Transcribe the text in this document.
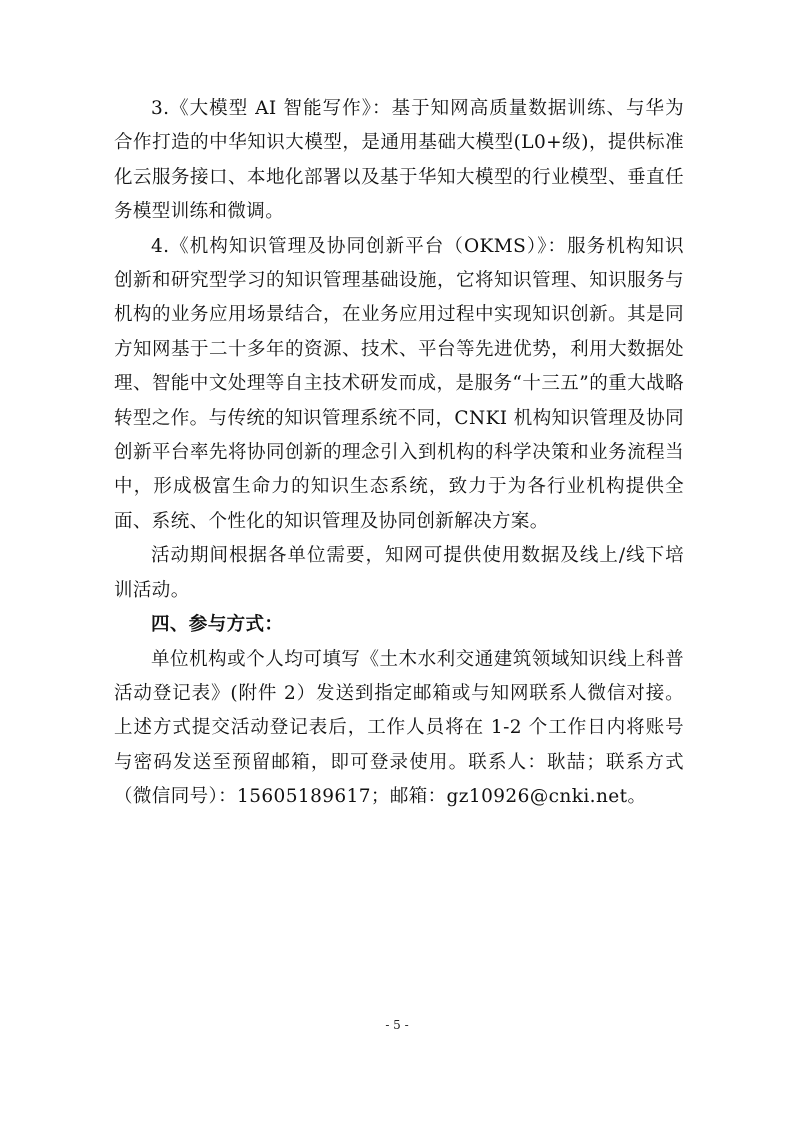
3.《大模型 AI 智能写作》：基于知网高质量数据训练、与华为合作打造的中华知识大模型，是通用基础大模型(L0+级)，提供标准化云服务接口、本地化部署以及基于华知大模型的行业模型、垂直任务模型训练和微调。

4.《机构知识管理及协同创新平台（OKMS）》：服务机构知识创新和研究型学习的知识管理基础设施，它将知识管理、知识服务与机构的业务应用场景结合，在业务应用过程中实现知识创新。其是同方知网基于二十多年的资源、技术、平台等先进优势，利用大数据处理、智能中文处理等自主技术研发而成，是服务“十三五”的重大战略转型之作。与传统的知识管理系统不同，CNKI 机构知识管理及协同创新平台率先将协同创新的理念引入到机构的科学决策和业务流程当中，形成极富生命力的知识生态系统，致力于为各行业机构提供全面、系统、个性化的知识管理及协同创新解决方案。

活动期间根据各单位需要，知网可提供使用数据及线上/线下培训活动。

四、参与方式：

单位机构或个人均可填写《土木水利交通建筑领域知识线上科普活动登记表》(附件 2）发送到指定邮箱或与知网联系人微信对接。上述方式提交活动登记表后，工作人员将在 1-2 个工作日内将账号与密码发送至预留邮箱，即可登录使用。联系人：耿喆；联系方式（微信同号）：15605189617；邮箱：gz10926@cnki.net。

- 5 -
